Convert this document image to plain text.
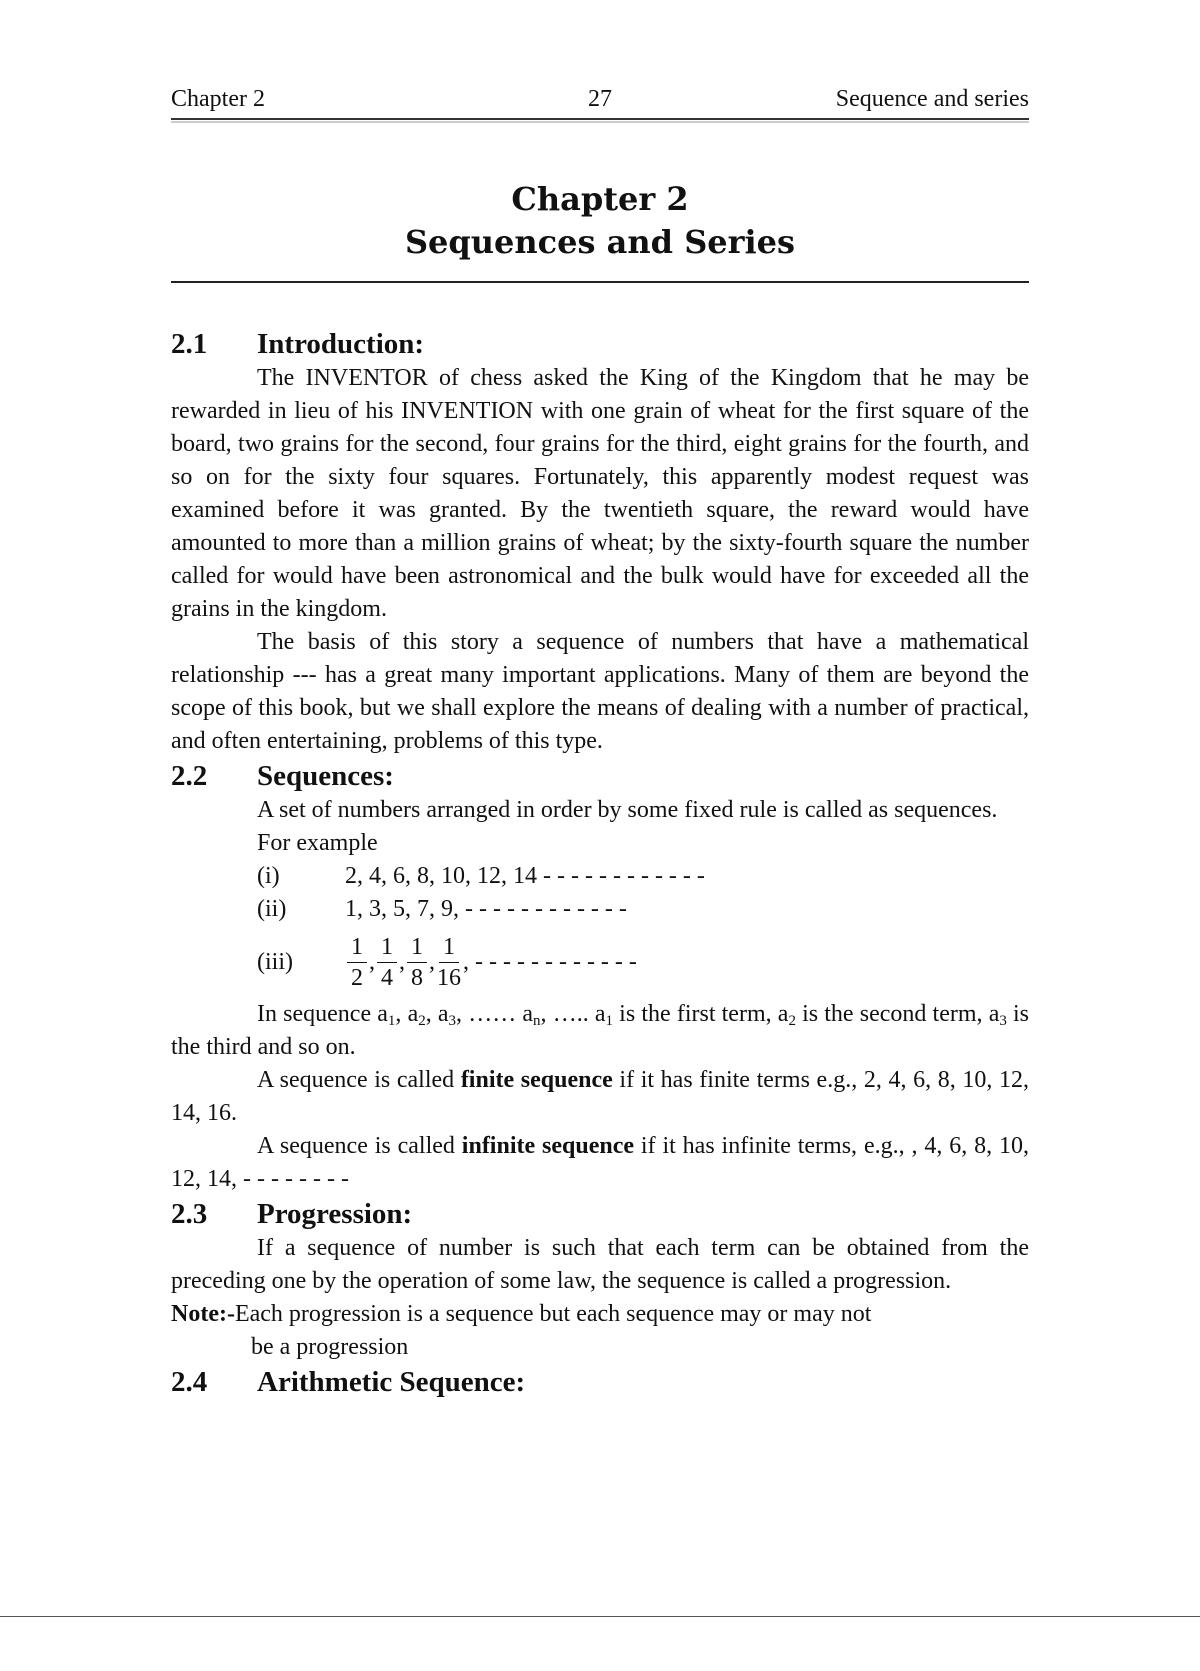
Chapter 2	27	Sequence and series
Chapter 2
Sequences and Series
2.1 Introduction:

The INVENTOR of chess asked the King of the Kingdom that he may be rewarded in lieu of his INVENTION with one grain of wheat for the first square of the board, two grains for the second, four grains for the third, eight grains for the fourth, and so on for the sixty four squares. Fortunately, this apparently modest request was examined before it was granted. By the twentieth square, the reward would have amounted to more than a million grains of wheat; by the sixty-fourth square the number called for would have been astronomical and the bulk would have for exceeded all the grains in the kingdom.

The basis of this story a sequence of numbers that have a mathematical relationship --- has a great many important applications. Many of them are beyond the scope of this book, but we shall explore the means of dealing with a number of practical, and often entertaining, problems of this type.

2.2 Sequences:

A set of numbers arranged in order by some fixed rule is called as sequences.

For example
(i)	2, 4, 6, 8, 10, 12, 14 - - - - - - - - - - - -
(ii)	1, 3, 5, 7, 9, - - - - - - - - - - - -
(iii)	$\frac{1}{2}$ , $\frac{1}{4}$ , $\frac{1}{8}$ , $\frac{1}{16}$ , - - - - - - - - - - - -

In sequence $a_1$, $a_2$, $a_3$, …… $a_n$, ….. $a_1$ is the first term, $a_2$ is the second term, $a_3$ is the third and so on.

A sequence is called finite sequence if it has finite terms e.g., 2, 4, 6, 8, 10, 12, 14, 16.

A sequence is called infinite sequence if it has infinite terms, e.g., , 4, 6, 8, 10, 12, 14, - - - - - - - -

2.3 Progression:

If a sequence of number is such that each term can be obtained from the preceding one by the operation of some law, the sequence is called a progression.

Note:- Each progression is a sequence but each sequence may or may not
be a progression
2.4 Arithmetic Sequence:
